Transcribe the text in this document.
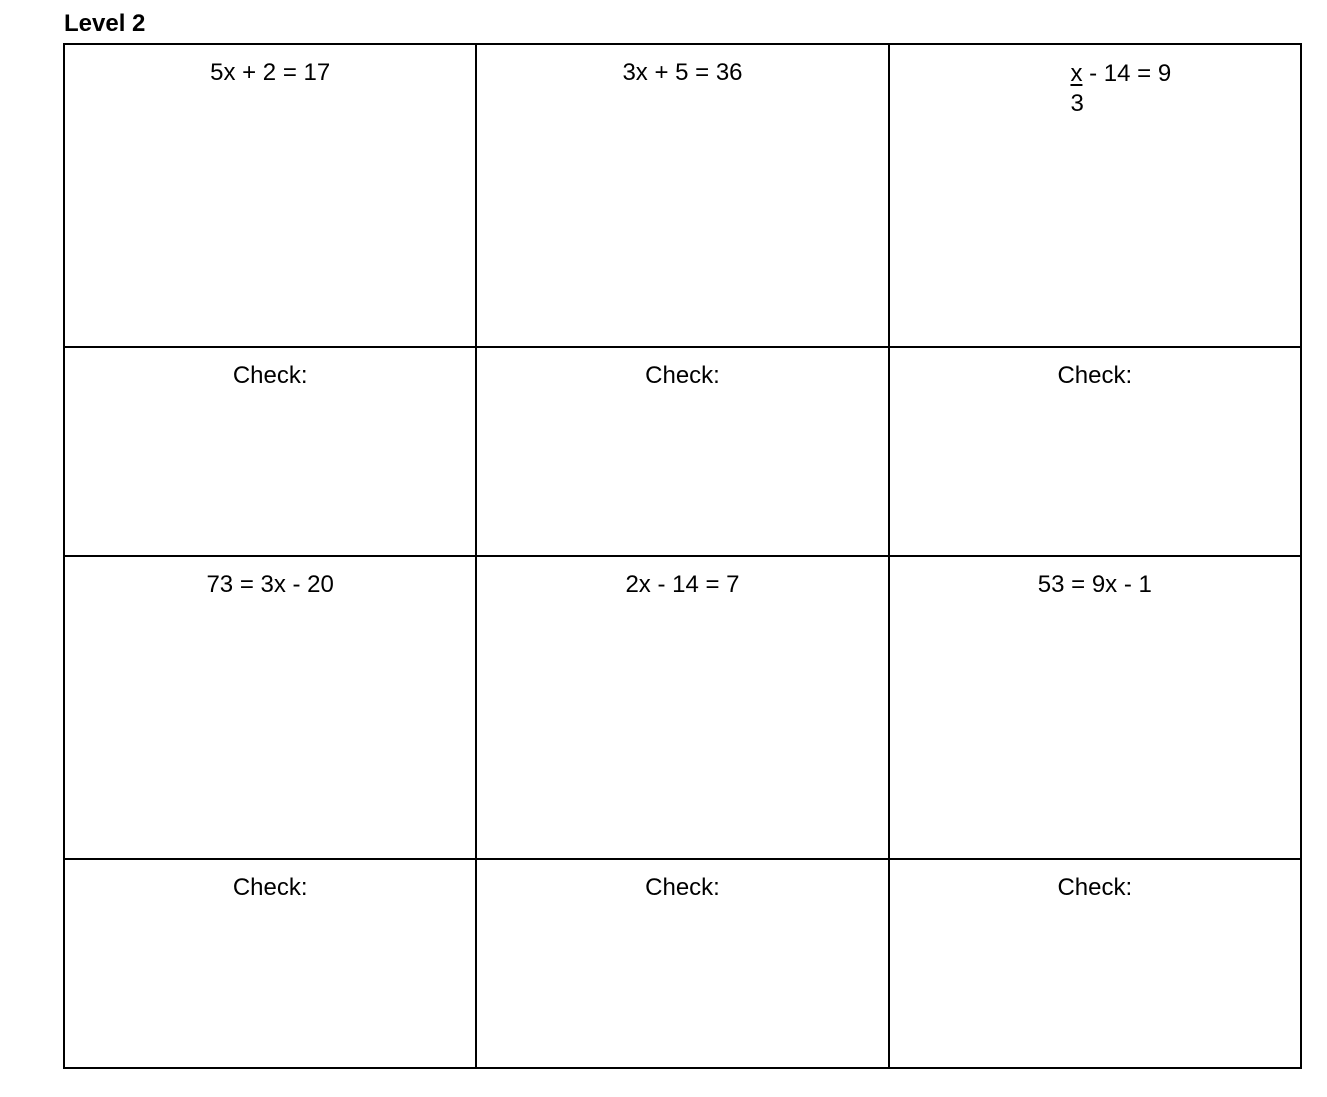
Level 2
5x + 2 = 17	3x + 5 = 36	x - 14 = 9
3

Check:	Check:	Check:

73 = 3x - 20	2x - 14 = 7	53 = 9x - 1

Check:	Check:	Check:
